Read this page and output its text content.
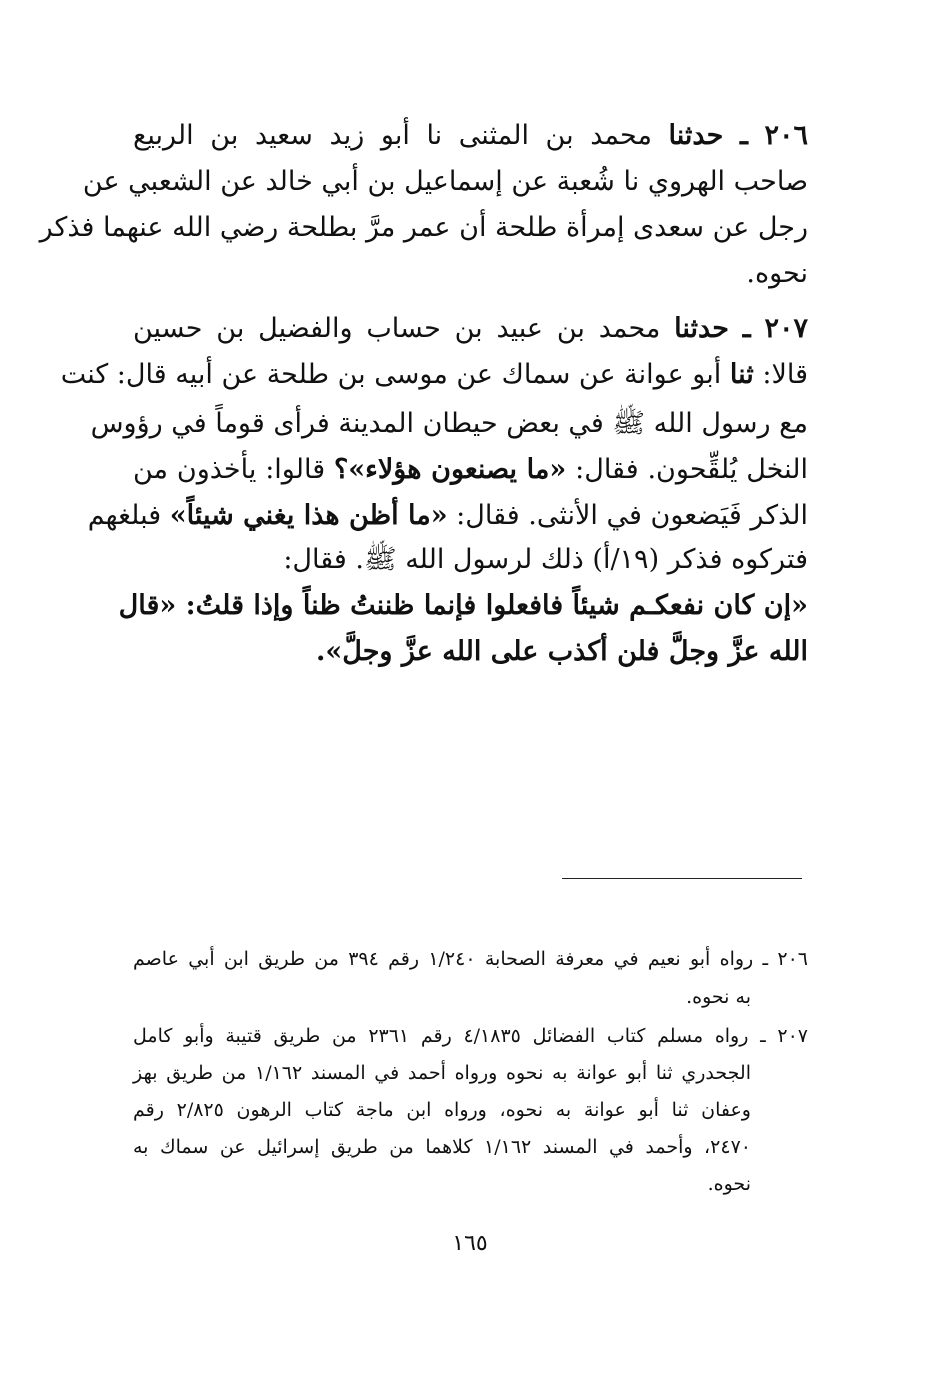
٢٠٦ ـ حدثنا محمد بن المثنى نا أبو زيد سعيد بن الربيع
صاحب الهروي نا شُعبة عن إسماعيل بن أبي خالد عن الشعبي عن
رجل عن سعدى إمرأة طلحة أن عمر مرَّ بطلحة رضي الله عنهما فذكر
نحوه.
٢٠٧ ـ حدثنا محمد بن عبيد بن حساب والفضيل بن حسين
قالا: ثنا أبو عوانة عن سماك عن موسى بن طلحة عن أبيه قال: كنت
مع رسول الله ﷺ في بعض حيطان المدينة فرأى قوماً في رؤوس
النخل يُلقِّحون. فقال: «ما يصنعون هؤلاء»؟ قالوا: يأخذون من
الذكر فَيَضعون في الأنثى. فقال: «ما أظن هذا يغني شيئاً» فبلغهم
فتركوه فذكر (١٩/أ) ذلك لرسول الله ﷺ. فقال:
«إن كان نفعكـم شيئاً فافعلوا فإنما ظننتُ ظناً وإذا قلتُ: «قال
الله عزَّ وجلَّ فلن أكذب على الله عزَّ وجلَّ».
٢٠٦ ـ رواه أبو نعيم في معرفة الصحابة ١/٢٤٠ رقم ٣٩٤ من طريق ابن أبي عاصم
به نحوه.
٢٠٧ ـ رواه مسلم كتاب الفضائل ٤/١٨٣٥ رقم ٢٣٦١ من طريق قتيبة وأبو كامل
الجحدري ثنا أبو عوانة به نحوه ورواه أحمد في المسند ١/١٦٢ من طريق بهز
وعفان ثنا أبو عوانة به نحوه، ورواه ابن ماجة كتاب الرهون ٢/٨٢٥ رقم
٢٤٧٠، وأحمد في المسند ١/١٦٢ كلاهما من طريق إسرائيل عن سماك به
نحوه.
١٦٥
